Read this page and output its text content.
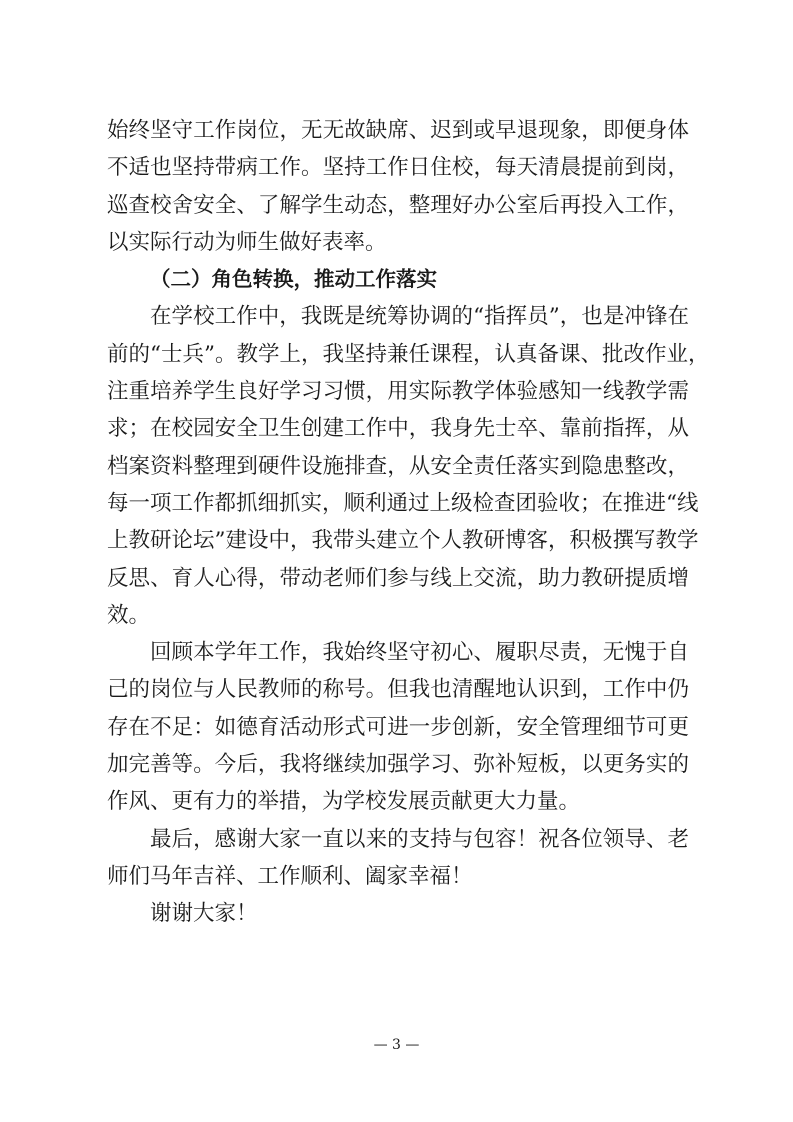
始终坚守工作岗位，无无故缺席、迟到或早退现象，即便身体
不适也坚持带病工作。坚持工作日住校，每天清晨提前到岗，
巡查校舍安全、了解学生动态，整理好办公室后再投入工作，
以实际行动为师生做好表率。
（二）角色转换，推动工作落实
在学校工作中，我既是统筹协调的“指挥员”，也是冲锋在
前的“士兵”。教学上，我坚持兼任课程，认真备课、批改作业，
注重培养学生良好学习习惯，用实际教学体验感知一线教学需
求；在校园安全卫生创建工作中，我身先士卒、靠前指挥，从
档案资料整理到硬件设施排查，从安全责任落实到隐患整改，
每一项工作都抓细抓实，顺利通过上级检查团验收；在推进“线
上教研论坛”建设中，我带头建立个人教研博客，积极撰写教学
反思、育人心得，带动老师们参与线上交流，助力教研提质增
效。
回顾本学年工作，我始终坚守初心、履职尽责，无愧于自
己的岗位与人民教师的称号。但我也清醒地认识到，工作中仍
存在不足：如德育活动形式可进一步创新，安全管理细节可更
加完善等。今后，我将继续加强学习、弥补短板，以更务实的
作风、更有力的举措，为学校发展贡献更大力量。
最后，感谢大家一直以来的支持与包容！祝各位领导、老
师们马年吉祥、工作顺利、阖家幸福！
谢谢大家！
— 3 —
